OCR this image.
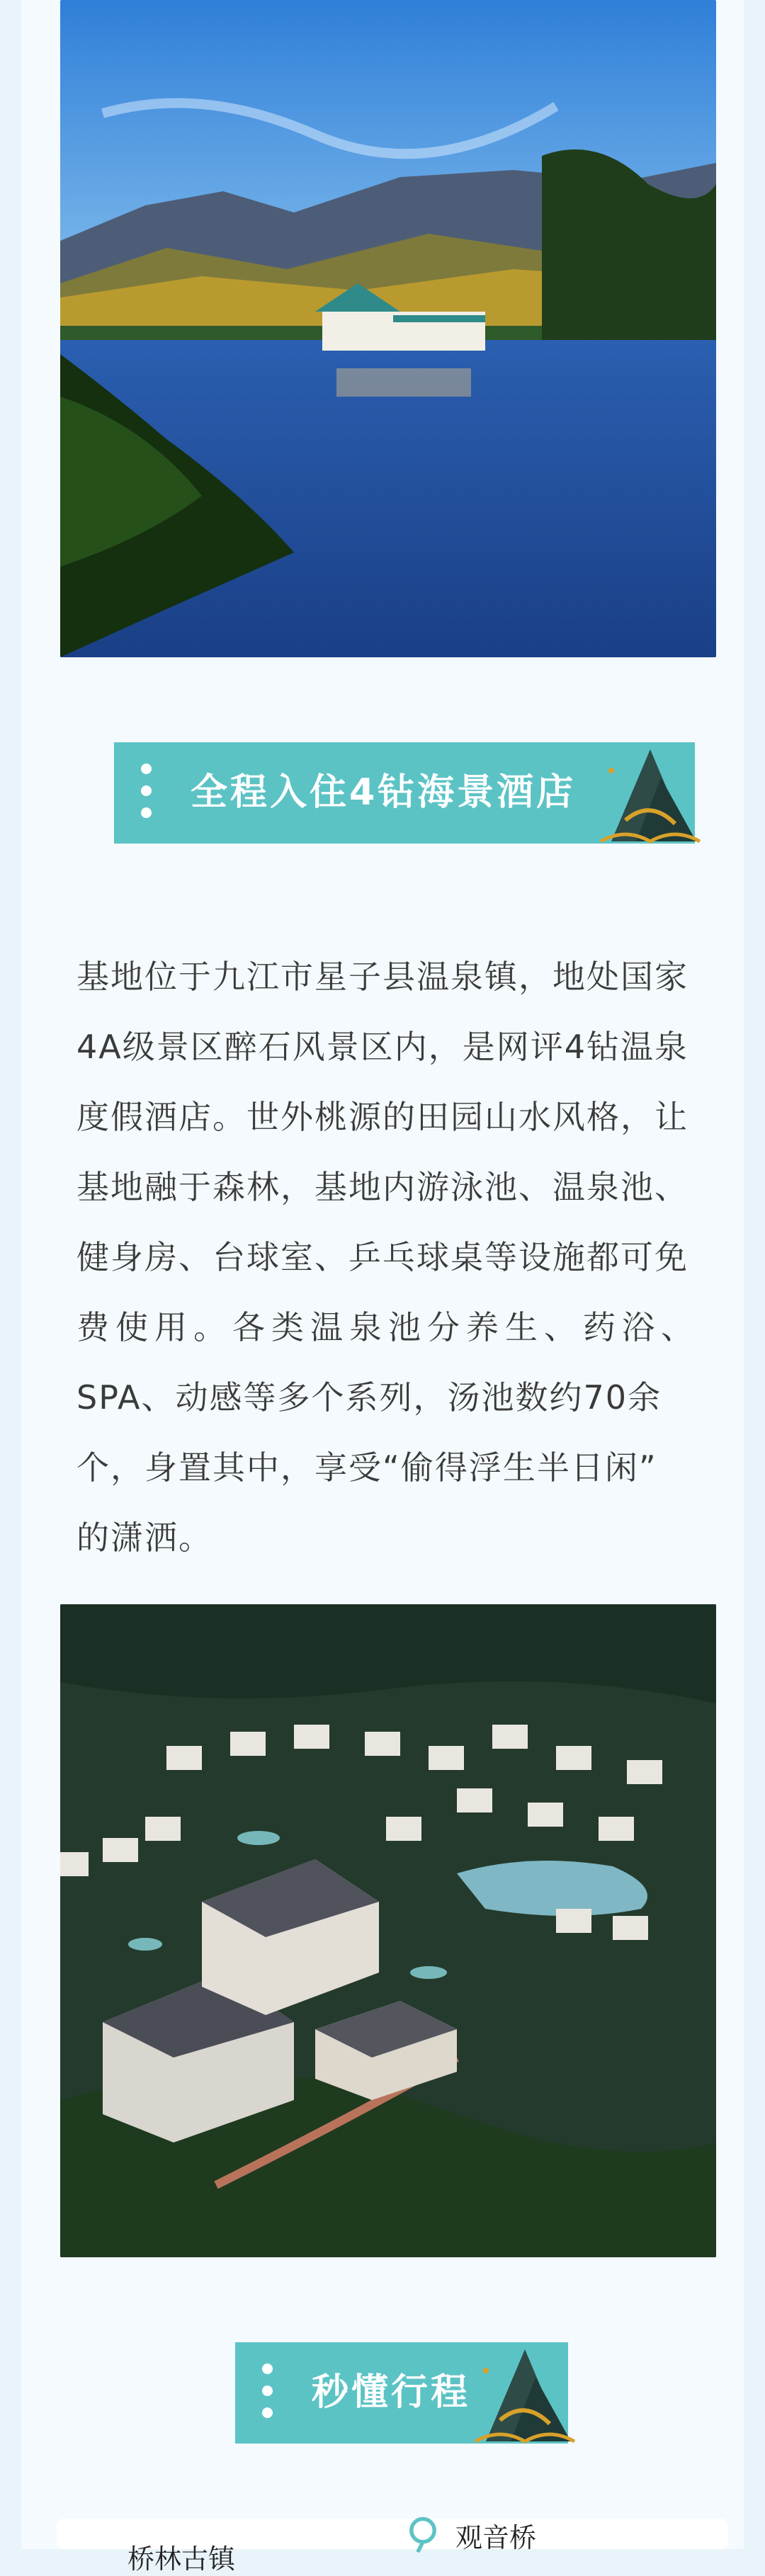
全程入住4钻海景酒店

基地位于九江市星子县温泉镇，地处国家

4A级景区醉石风景区内，是网评4钻温泉

度假酒店。世外桃源的田园山水风格，让

基地融于森林，基地内游泳池、温泉池、

健身房、台球室、乒乓球桌等设施都可免

费使用。各类温泉池分养生、药浴、

SPA、动感等多个系列，汤池数约70余

个，身置其中，享受“偷得浮生半日闲”

的潇洒。

秒懂行程
观音桥
桥林古镇
